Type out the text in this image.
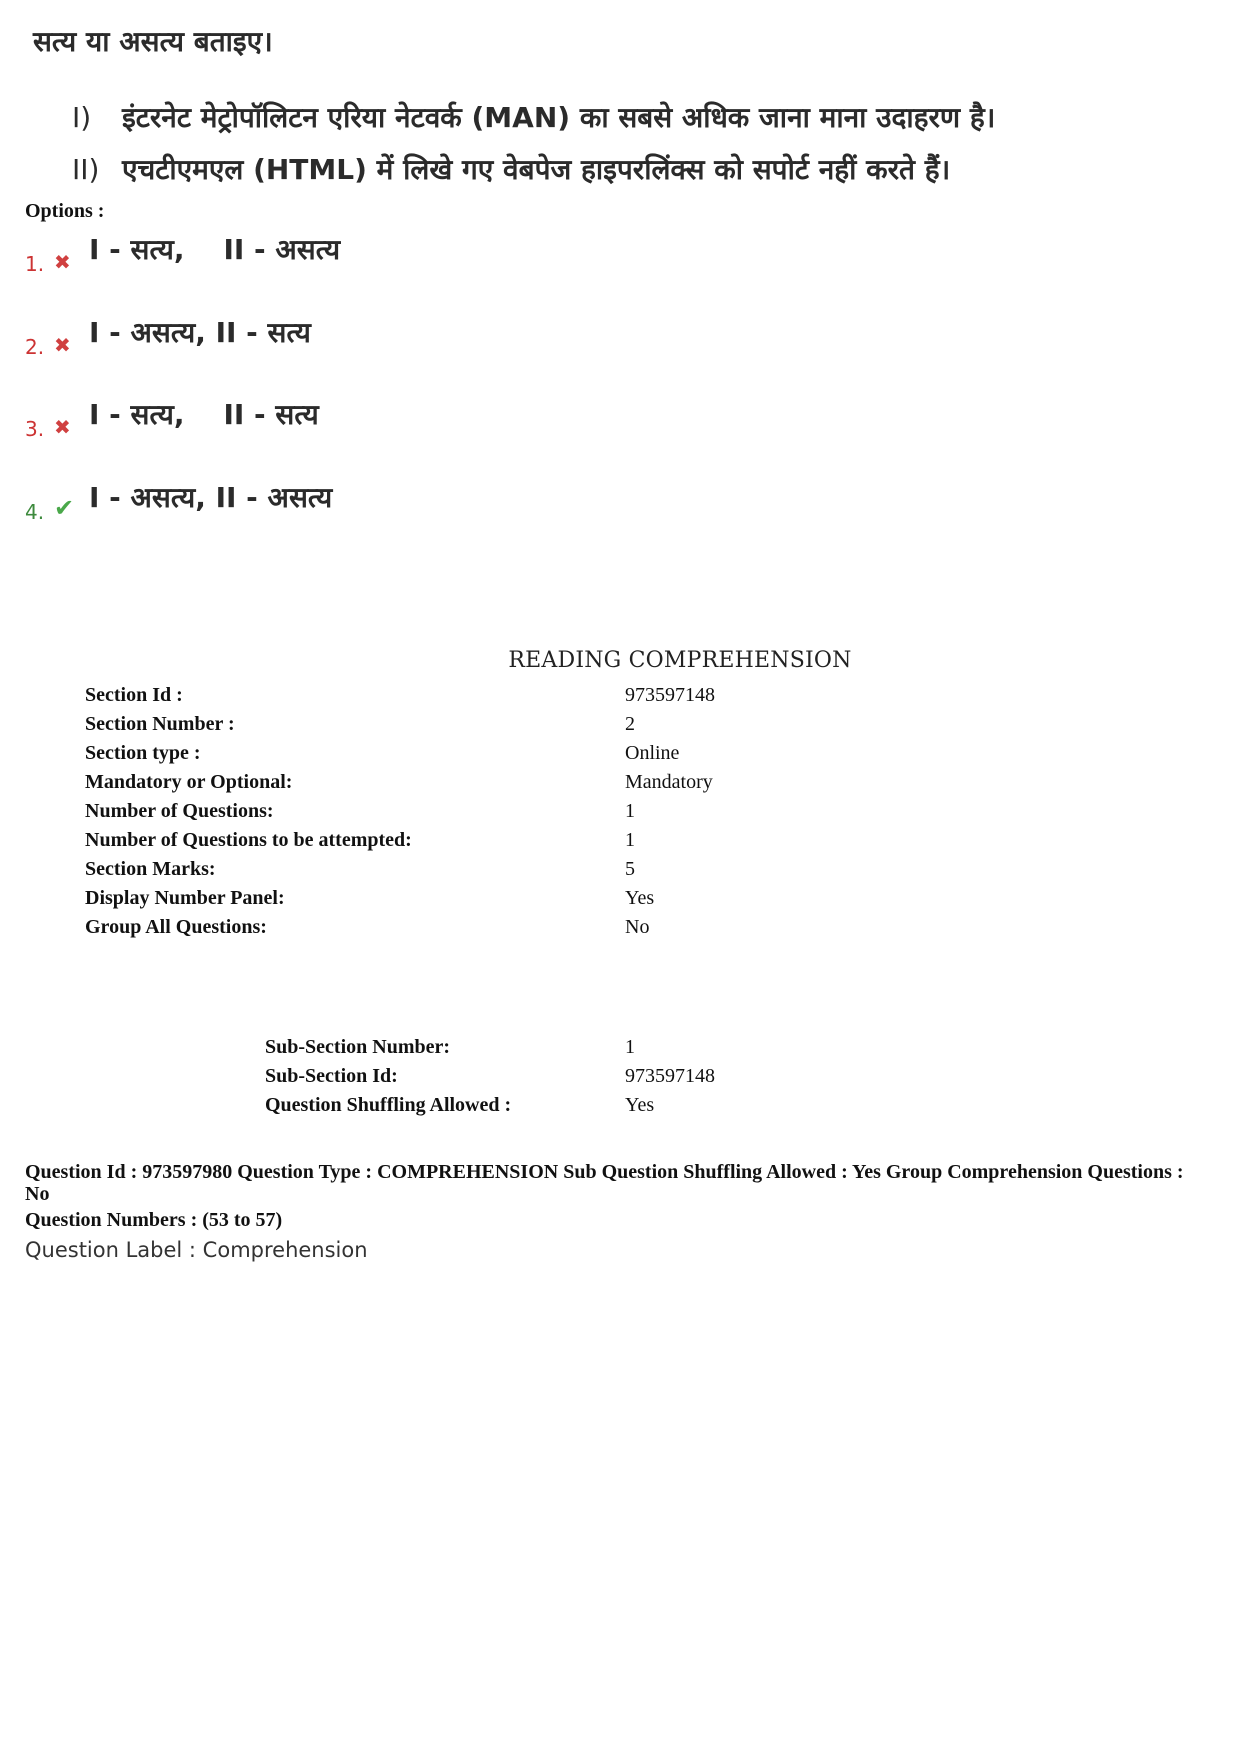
सत्य या असत्य बताइए।
I) इंटरनेट मेट्रोपॉलिटन एरिया नेटवर्क (MAN) का सबसे अधिक जाना माना उदाहरण है।
II) एचटीएमएल (HTML) में लिखे गए वेबपेज हाइपरलिंक्स को सपोर्ट नहीं करते हैं।
Options :
1. ✖ I - सत्य,    II - असत्य
2. ✖ I - असत्य, II - सत्य
3. ✖ I - सत्य,    II - सत्य
4. ✔ I - असत्य, II - असत्य
READING COMPREHENSION
Section Id :	973597148
Section Number :	2
Section type :	Online
Mandatory or Optional:	Mandatory
Number of Questions:	1
Number of Questions to be attempted:	1
Section Marks:	5
Display Number Panel:	Yes
Group All Questions:	No
Sub-Section Number:	1
Sub-Section Id:	973597148
Question Shuffling Allowed :	Yes
Question Id : 973597980 Question Type : COMPREHENSION Sub Question Shuffling Allowed : Yes Group Comprehension Questions : No
Question Numbers : (53 to 57)
Question Label : Comprehension
